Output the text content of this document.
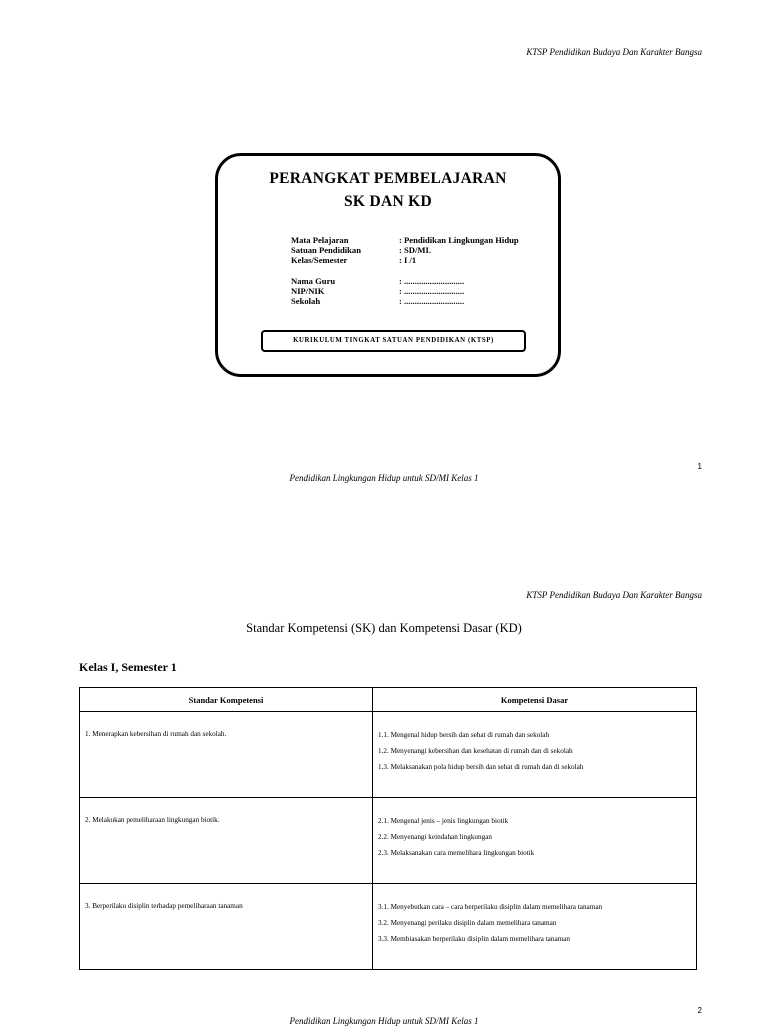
KTSP Pendidikan Budaya Dan Karakter Bangsa
PERANGKAT PEMBELAJARAN
SK DAN KD
Mata Pelajaran	: Pendidikan Lingkungan Hidup
Satuan Pendidikan	: SD/MI.
Kelas/Semester	: I /1
Nama Guru	: ............................
NIP/NIK	: ............................
Sekolah	: ............................
KURIKULUM TINGKAT SATUAN PENDIDIKAN (KTSP)
1
Pendidikan Lingkungan Hidup untuk SD/MI Kelas 1
KTSP Pendidikan Budaya Dan Karakter Bangsa
Standar Kompetensi (SK) dan Kompetensi Dasar (KD)
Kelas I, Semester 1
Standar Kompetensi	Kompetensi Dasar

1. Menerapkan kebersihan di rumah dan sekolah.	1.1. Mengenal hidup bersih dan sehat di rumah dan sekolah
1.2. Menyenangi kebersihan dan kesehatan di rumah dan di sekolah
1.3. Melaksanakan pola hidup bersih dan sehat di rumah dan di sekolah

2. Melakukan pemeliharaan lingkungan biotik.	2.1. Mengenal jenis – jenis lingkungan biotik
2.2. Menyenangi keindahan lingkungan
2.3. Melaksanakan cara memelihara lingkungan biotik

3. Berperilaku disiplin terhadap pemeliharaan tanaman	3.1. Menyebutkan cara – cara berperilaku disiplin dalam memelihara tanaman
3.2. Menyenangi perilaku disiplin dalam memelihara tanaman
3.3. Membiasakan berperilaku disiplin dalam memelihara tanaman
2
Pendidikan Lingkungan Hidup untuk SD/MI Kelas 1
